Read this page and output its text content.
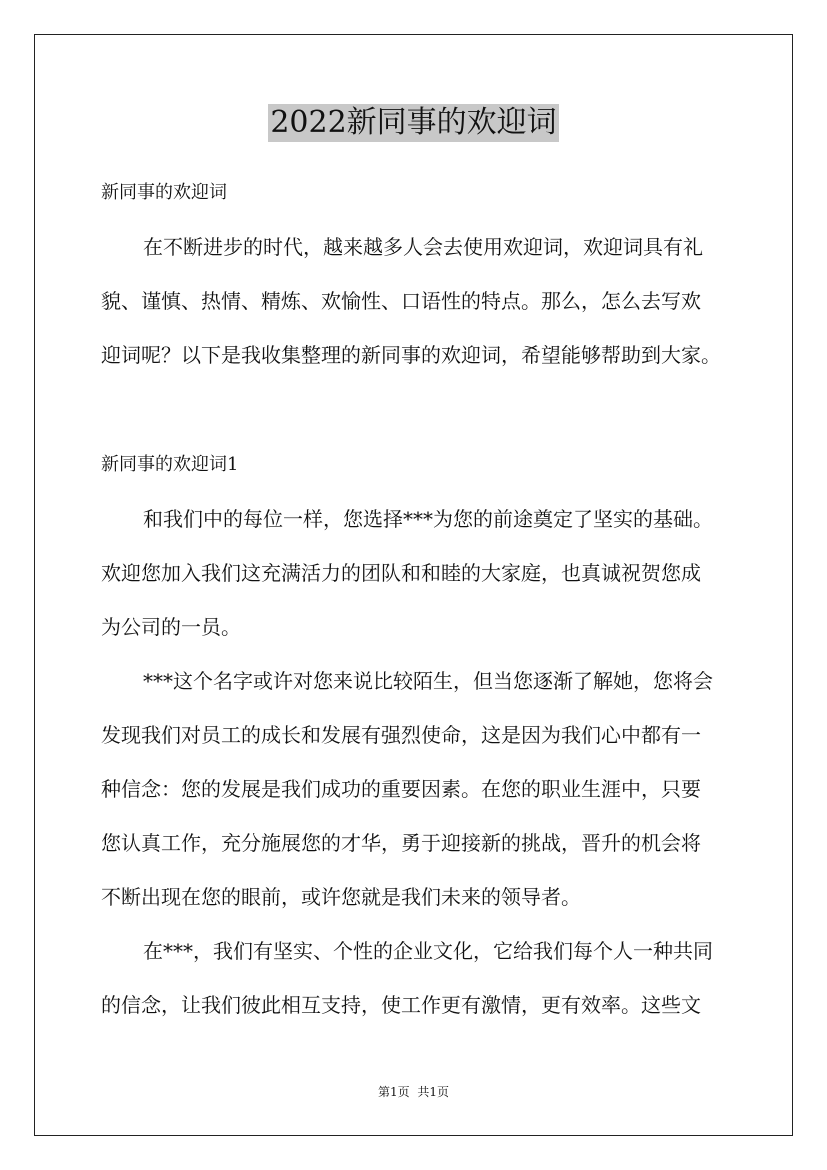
2022新同事的欢迎词
新同事的欢迎词
在不断进步的时代，越来越多人会去使用欢迎词，欢迎词具有礼
貌、谨慎、热情、精炼、欢愉性、口语性的特点。那么，怎么去写欢
迎词呢？以下是我收集整理的新同事的欢迎词，希望能够帮助到大家。
新同事的欢迎词1
和我们中的每位一样，您选择***为您的前途奠定了坚实的基础。
欢迎您加入我们这充满活力的团队和和睦的大家庭，也真诚祝贺您成
为公司的一员。
***这个名字或许对您来说比较陌生，但当您逐渐了解她，您将会
发现我们对员工的成长和发展有强烈使命，这是因为我们心中都有一
种信念：您的发展是我们成功的重要因素。在您的职业生涯中，只要
您认真工作，充分施展您的才华，勇于迎接新的挑战，晋升的机会将
不断出现在您的眼前，或许您就是我们未来的领导者。
在***，我们有坚实、个性的企业文化，它给我们每个人一种共同
的信念，让我们彼此相互支持，使工作更有激情，更有效率。这些文
第1页 共1页
